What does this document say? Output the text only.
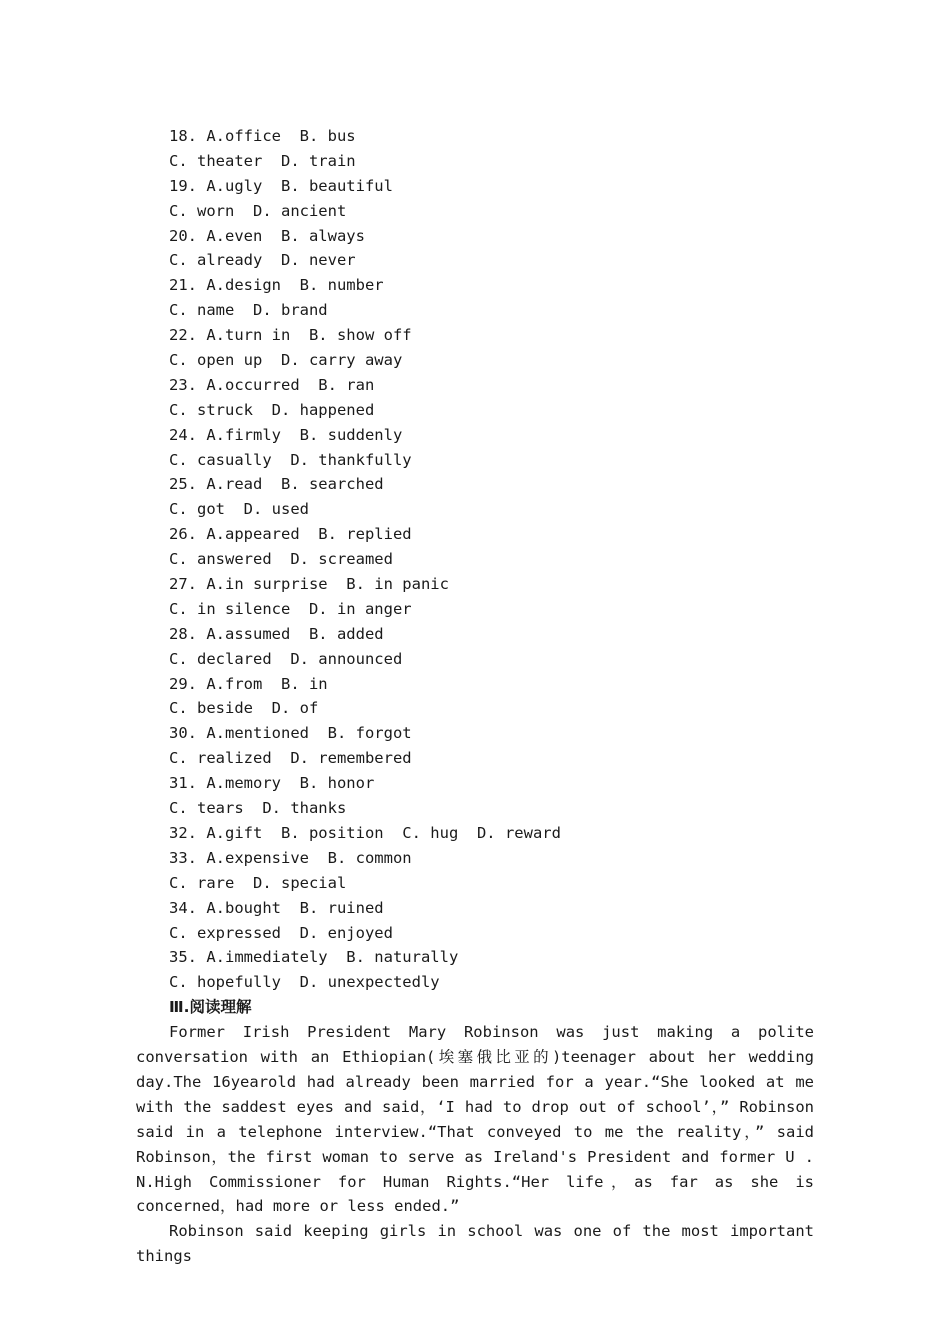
18. A.office  B. bus
C. theater  D. train
19. A.ugly  B. beautiful
C. worn  D. ancient
20. A.even  B. always
C. already  D. never
21. A.design  B. number
C. name  D. brand
22. A.turn in  B. show off
C. open up  D. carry away
23. A.occurred  B. ran
C. struck  D. happened
24. A.firmly  B. suddenly
C. casually  D. thankfully
25. A.read  B. searched
C. got  D. used
26. A.appeared  B. replied
C. answered  D. screamed
27. A.in surprise  B. in panic
C. in silence  D. in anger
28. A.assumed  B. added
C. declared  D. announced
29. A.from  B. in
C. beside  D. of
30. A.mentioned  B. forgot
C. realized  D. remembered
31. A.memory  B. honor
C. tears  D. thanks
32. A.gift  B. position  C. hug  D. reward
33. A.expensive  B. common
C. rare  D. special
34. A.bought  B. ruined
C. expressed  D. enjoyed
35. A.immediately  B. naturally
C. hopefully  D. unexpectedly
Ⅲ.阅读理解

Former Irish President Mary Robinson was just making a polite conversation with an Ethiopian(埃塞俄比亚的)teenager about her wedding day.The 16yearold had already been married for a year.“She looked at me with the saddest eyes and said，‘I had to drop out of school’，” Robinson said in a telephone interview.“That conveyed to me the reality，” said Robinson，the first woman to serve as Ireland's President and former U . N.High Commissioner for Human Rights.“Her life，as far as she is concerned，had more or less ended.”

Robinson said keeping girls in school was one of the most important things
